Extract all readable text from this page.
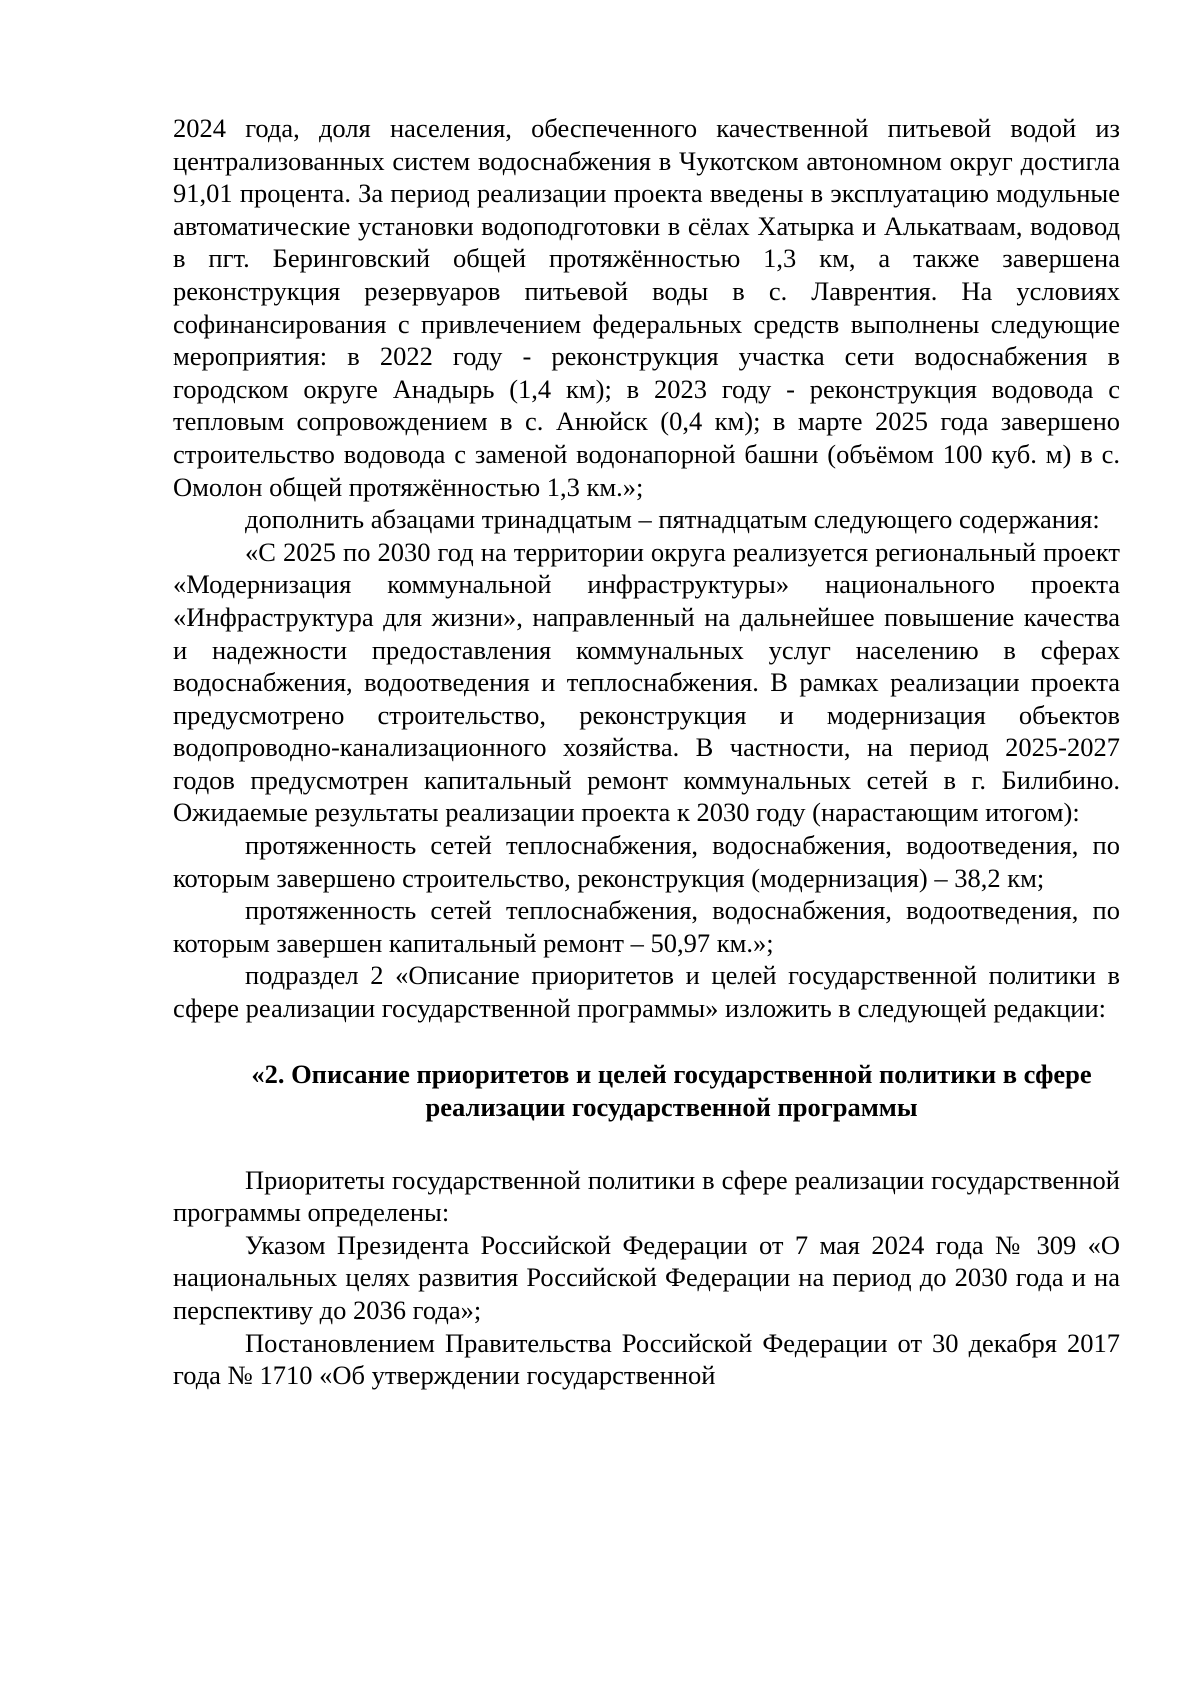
2024 года, доля населения, обеспеченного качественной питьевой водой из централизованных систем водоснабжения в Чукотском автономном округ достигла 91,01 процента. За период реализации проекта введены в эксплуатацию модульные автоматические установки водоподготовки в сёлах Хатырка и Алькатваам, водовод в пгт. Беринговский общей протяжённостью 1,3 км, а также завершена реконструкция резервуаров питьевой воды в с. Лаврентия. На условиях софинансирования с привлечением федеральных средств выполнены следующие мероприятия: в 2022 году - реконструкция участка сети водоснабжения в городском округе Анадырь (1,4 км); в 2023 году - реконструкция водовода с тепловым сопровождением в с. Анюйск (0,4 км); в марте 2025 года завершено строительство водовода с заменой водонапорной башни (объёмом 100 куб. м) в с. Омолон общей протяжённостью 1,3 км.»;

дополнить абзацами тринадцатым – пятнадцатым следующего содержания:

«С 2025 по 2030 год на территории округа реализуется региональный проект «Модернизация коммунальной инфраструктуры» национального проекта «Инфраструктура для жизни», направленный на дальнейшее повышение качества и надежности предоставления коммунальных услуг населению в сферах водоснабжения, водоотведения и теплоснабжения. В рамках реализации проекта предусмотрено строительство, реконструкция и модернизация объектов водопроводно-канализационного хозяйства. В частности, на период 2025-2027 годов предусмотрен капитальный ремонт коммунальных сетей в г. Билибино. Ожидаемые результаты реализации проекта к 2030 году (нарастающим итогом):

протяженность сетей теплоснабжения, водоснабжения, водоотведения, по которым завершено строительство, реконструкция (модернизация) – 38,2 км;

протяженность сетей теплоснабжения, водоснабжения, водоотведения, по которым завершен капитальный ремонт – 50,97 км.»;

подраздел 2 «Описание приоритетов и целей государственной политики в сфере реализации государственной программы» изложить в следующей редакции:

«2. Описание приоритетов и целей государственной политики в сфере реализации государственной программы

Приоритеты государственной политики в сфере реализации государственной программы определены:

Указом Президента Российской Федерации от 7 мая 2024 года № 309 «О национальных целях развития Российской Федерации на период до 2030 года и на перспективу до 2036 года»;

Постановлением Правительства Российской Федерации от 30 декабря 2017 года № 1710 «Об утверждении государственной
